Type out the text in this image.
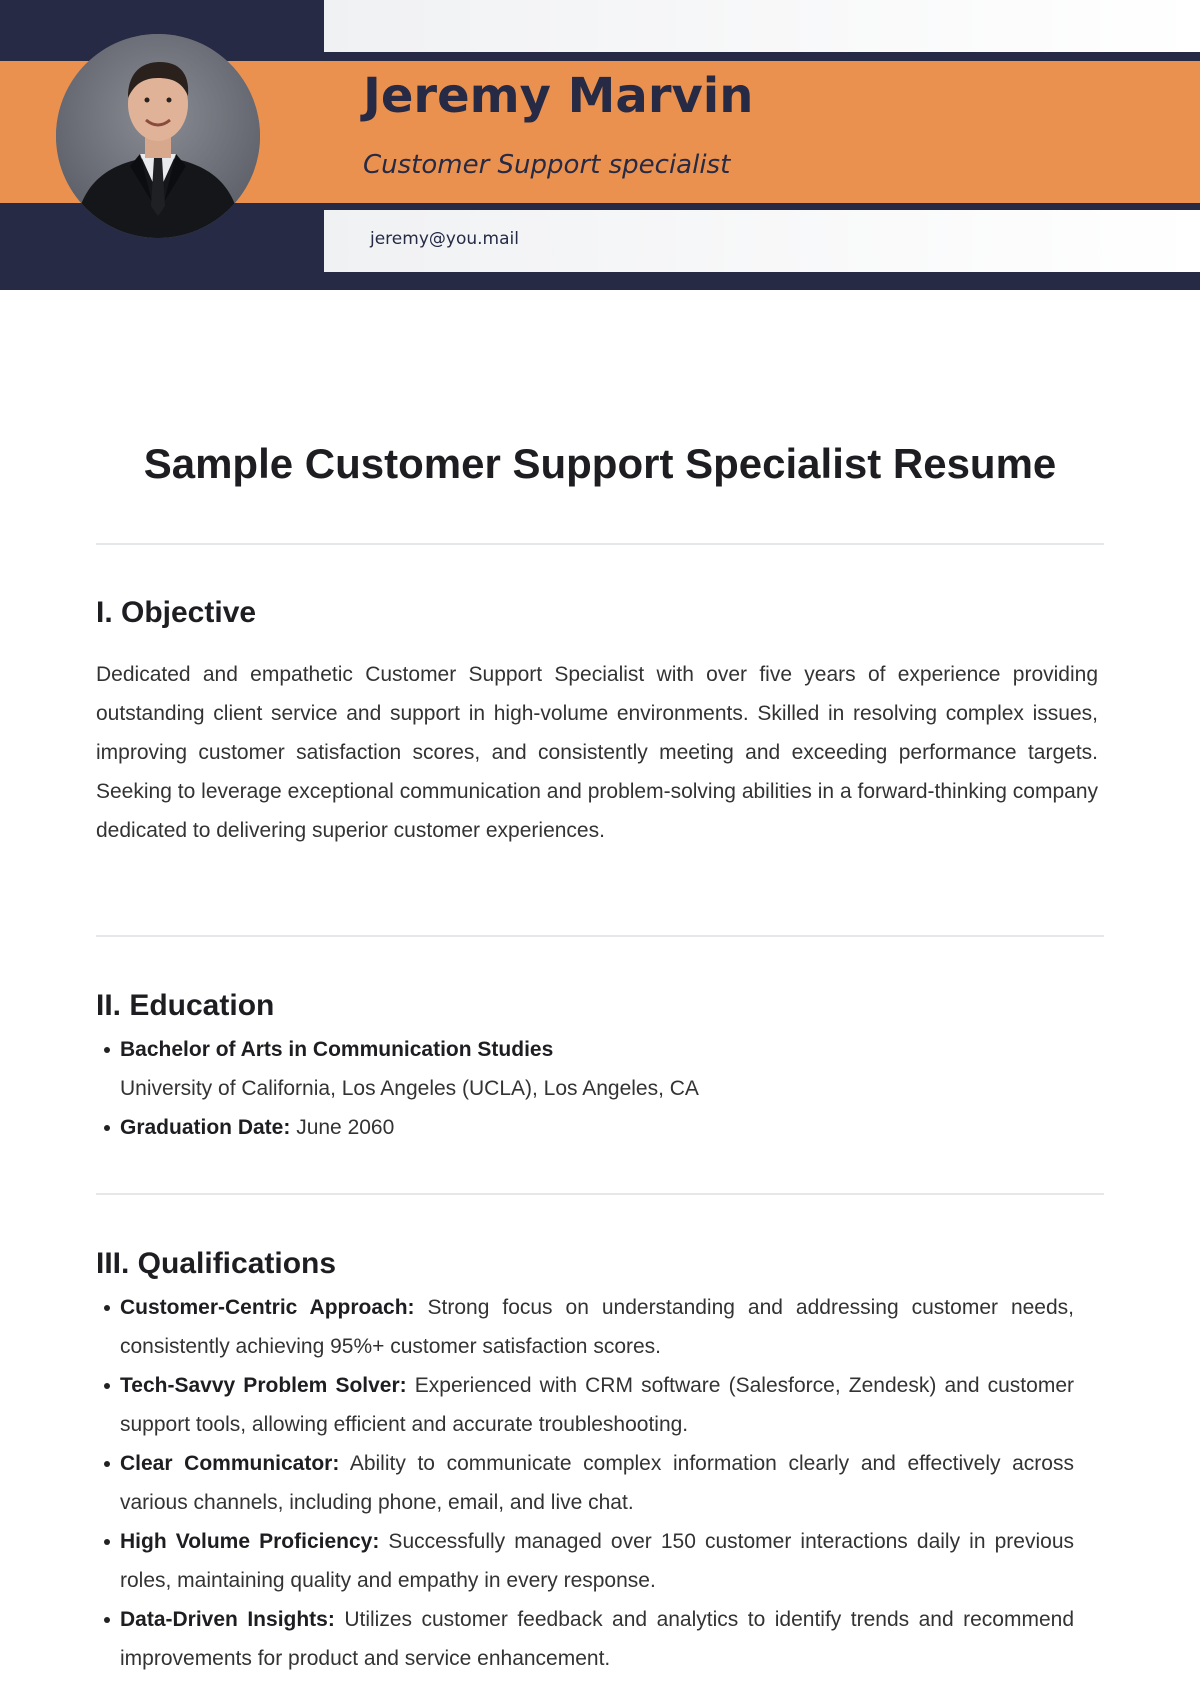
Jeremy Marvin

Customer Support specialist

jeremy@you.mail

Sample Customer Support Specialist Resume
I. Objective

Dedicated and empathetic Customer Support Specialist with over five years of experience providing outstanding client service and support in high-volume environments. Skilled in resolving complex issues, improving customer satisfaction scores, and consistently meeting and exceeding performance targets. Seeking to leverage exceptional communication and problem-solving abilities in a forward-thinking company dedicated to delivering superior customer experiences.

II. Education
Bachelor of Arts in Communication Studies
University of California, Los Angeles (UCLA), Los Angeles, CA
Graduation Date: June 2060
III. Qualifications
Customer-Centric Approach: Strong focus on understanding and addressing customer needs, consistently achieving 95%+ customer satisfaction scores.
Tech-Savvy Problem Solver: Experienced with CRM software (Salesforce, Zendesk) and customer support tools, allowing efficient and accurate troubleshooting.
Clear Communicator: Ability to communicate complex information clearly and effectively across various channels, including phone, email, and live chat.
High Volume Proficiency: Successfully managed over 150 customer interactions daily in previous roles, maintaining quality and empathy in every response.
Data-Driven Insights: Utilizes customer feedback and analytics to identify trends and recommend improvements for product and service enhancement.
